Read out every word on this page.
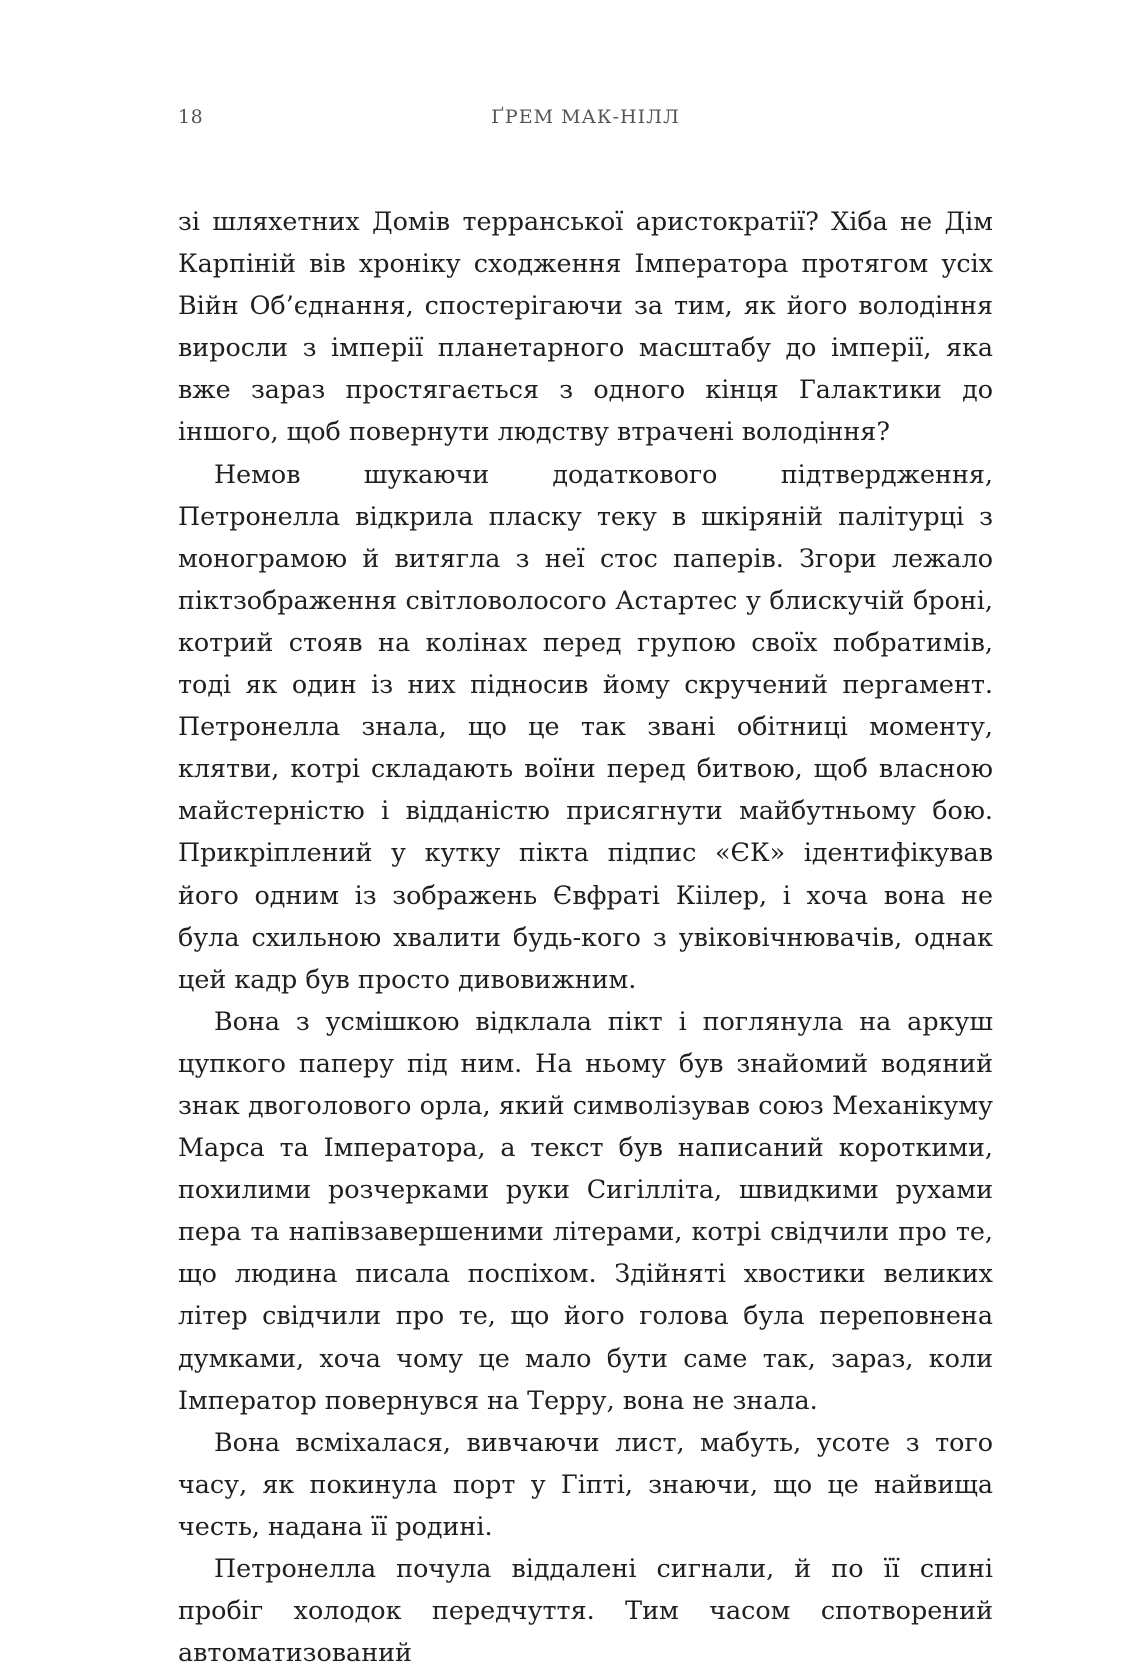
18	ҐРЕМ МАК-НІЛЛ

зі шляхетних Домів терранської аристократії? Хіба не Дім Карпіній вів хроніку сходження Імператора протягом усіх Війн Об’єднання, спостерігаючи за тим, як його володіння виросли з імперії планетарного масштабу до імперії, яка вже зараз простягається з одного кінця Галактики до іншого, щоб повернути людству втрачені володіння?

Немов шукаючи додаткового підтвердження, Петронелла відкрила пласку теку в шкіряній палітурці з монограмою й витягла з неї стос паперів. Згори лежало піктзображення світловолосого Астартес у блискучій броні, котрий стояв на колінах перед групою своїх побратимів, тоді як один із них підносив йому скручений пергамент. Петронелла знала, що це так звані обітниці моменту, клятви, котрі складають воїни перед битвою, щоб власною майстерністю і відданістю присягнути майбутньому бою. Прикріплений у кутку пікта підпис «ЄК» ідентифікував його одним із зображень Євфраті Кіілер, і хоча вона не була схильною хвалити будь-кого з увіковічнювачів, однак цей кадр був просто дивовижним.

Вона з усмішкою відклала пікт і поглянула на аркуш цупкого паперу під ним. На ньому був знайомий водяний знак двоголового орла, який символізував союз Механікуму Марса та Імператора, а текст був написаний короткими, похилими розчерками руки Сигілліта, швидкими рухами пера та напівзавершеними літерами, котрі свідчили про те, що людина писала поспіхом. Здійняті хвостики великих літер свідчили про те, що його голова була переповнена думками, хоча чому це мало бути саме так, зараз, коли Імператор повернувся на Терру, вона не знала.

Вона всміхалася, вивчаючи лист, мабуть, усоте з того часу, як покинула порт у Гіпті, знаючи, що це найвища честь, надана її родині.

Петронелла почула віддалені сигнали, й по її спині пробіг холодок передчуття. Тим часом спотворений автоматизований
